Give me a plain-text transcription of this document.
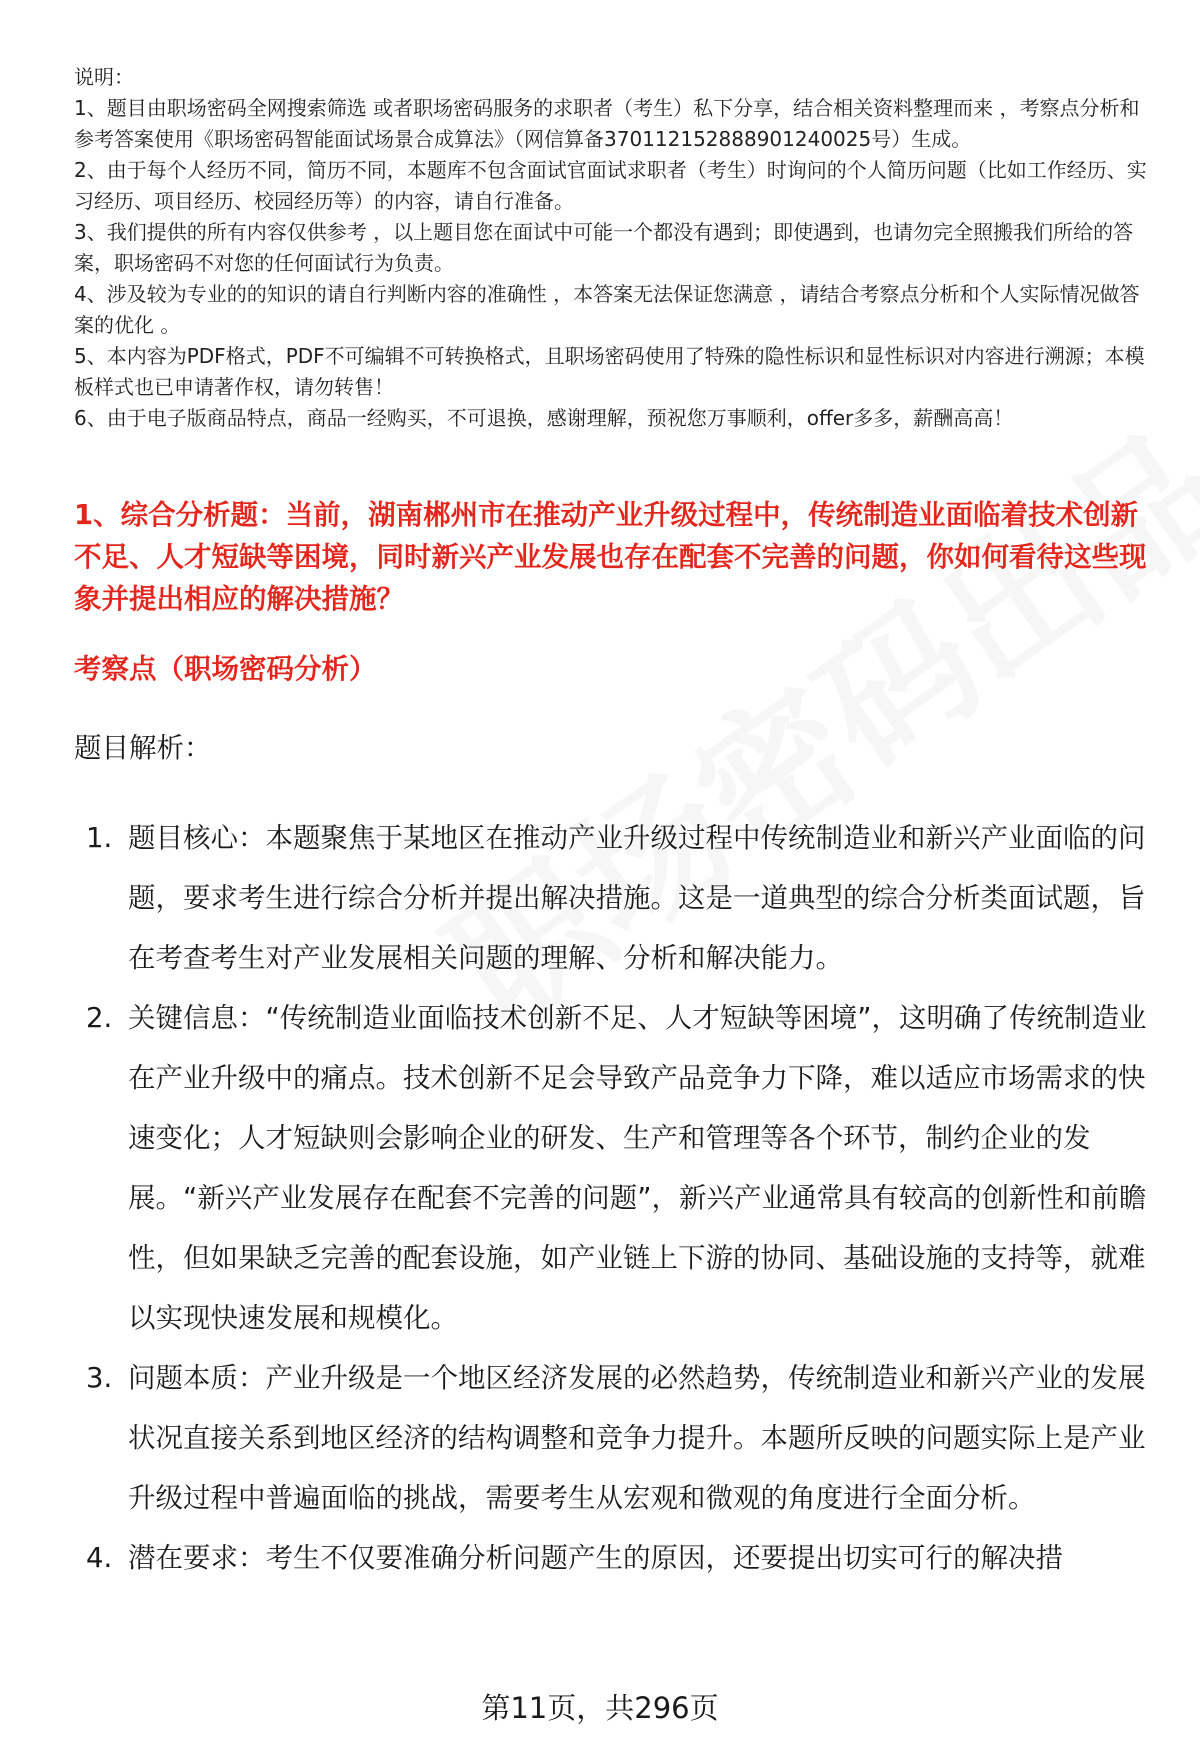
说明：

1、题目由职场密码全网搜索筛选 或者职场密码服务的求职者（考生）私下分享，结合相关资料整理而来 ，考察点分析和参考答案使用《职场密码智能面试场景合成算法》（网信算备370112152888901240025号）生成。

2、由于每个人经历不同，简历不同，本题库不包含面试官面试求职者（考生）时询问的个人简历问题（比如工作经历、实习经历、项目经历、校园经历等）的内容，请自行准备。

3、我们提供的所有内容仅供参考 ，以上题目您在面试中可能一个都没有遇到；即使遇到，也请勿完全照搬我们所给的答案，职场密码不对您的任何面试行为负责。

4、涉及较为专业的的知识的请自行判断内容的准确性 ，本答案无法保证您满意 ，请结合考察点分析和个人实际情况做答案的优化 。

5、本内容为PDF格式，PDF不可编辑不可转换格式，且职场密码使用了特殊的隐性标识和显性标识对内容进行溯源；本模板样式也已申请著作权，请勿转售！

6、由于电子版商品特点，商品一经购买，不可退换，感谢理解，预祝您万事顺利，offer多多，薪酬高高！

1、综合分析题：当前，湖南郴州市在推动产业升级过程中，传统制造业面临着技术创新不足、人才短缺等困境，同时新兴产业发展也存在配套不完善的问题，你如何看待这些现象并提出相应的解决措施？

考察点（职场密码分析）

题目解析：

1. 题目核心：本题聚焦于某地区在推动产业升级过程中传统制造业和新兴产业面临的问题，要求考生进行综合分析并提出解决措施。这是一道典型的综合分析类面试题，旨在考查考生对产业发展相关问题的理解、分析和解决能力。
2. 关键信息：“传统制造业面临技术创新不足、人才短缺等困境”，这明确了传统制造业在产业升级中的痛点。技术创新不足会导致产品竞争力下降，难以适应市场需求的快速变化；人才短缺则会影响企业的研发、生产和管理等各个环节，制约企业的发展。“新兴产业发展存在配套不完善的问题”，新兴产业通常具有较高的创新性和前瞻性，但如果缺乏完善的配套设施，如产业链上下游的协同、基础设施的支持等，就难以实现快速发展和规模化。
3. 问题本质：产业升级是一个地区经济发展的必然趋势，传统制造业和新兴产业的发展状况直接关系到地区经济的结构调整和竞争力提升。本题所反映的问题实际上是产业升级过程中普遍面临的挑战，需要考生从宏观和微观的角度进行全面分析。
4. 潜在要求：考生不仅要准确分析问题产生的原因，还要提出切实可行的解决措
第11页，共296页
